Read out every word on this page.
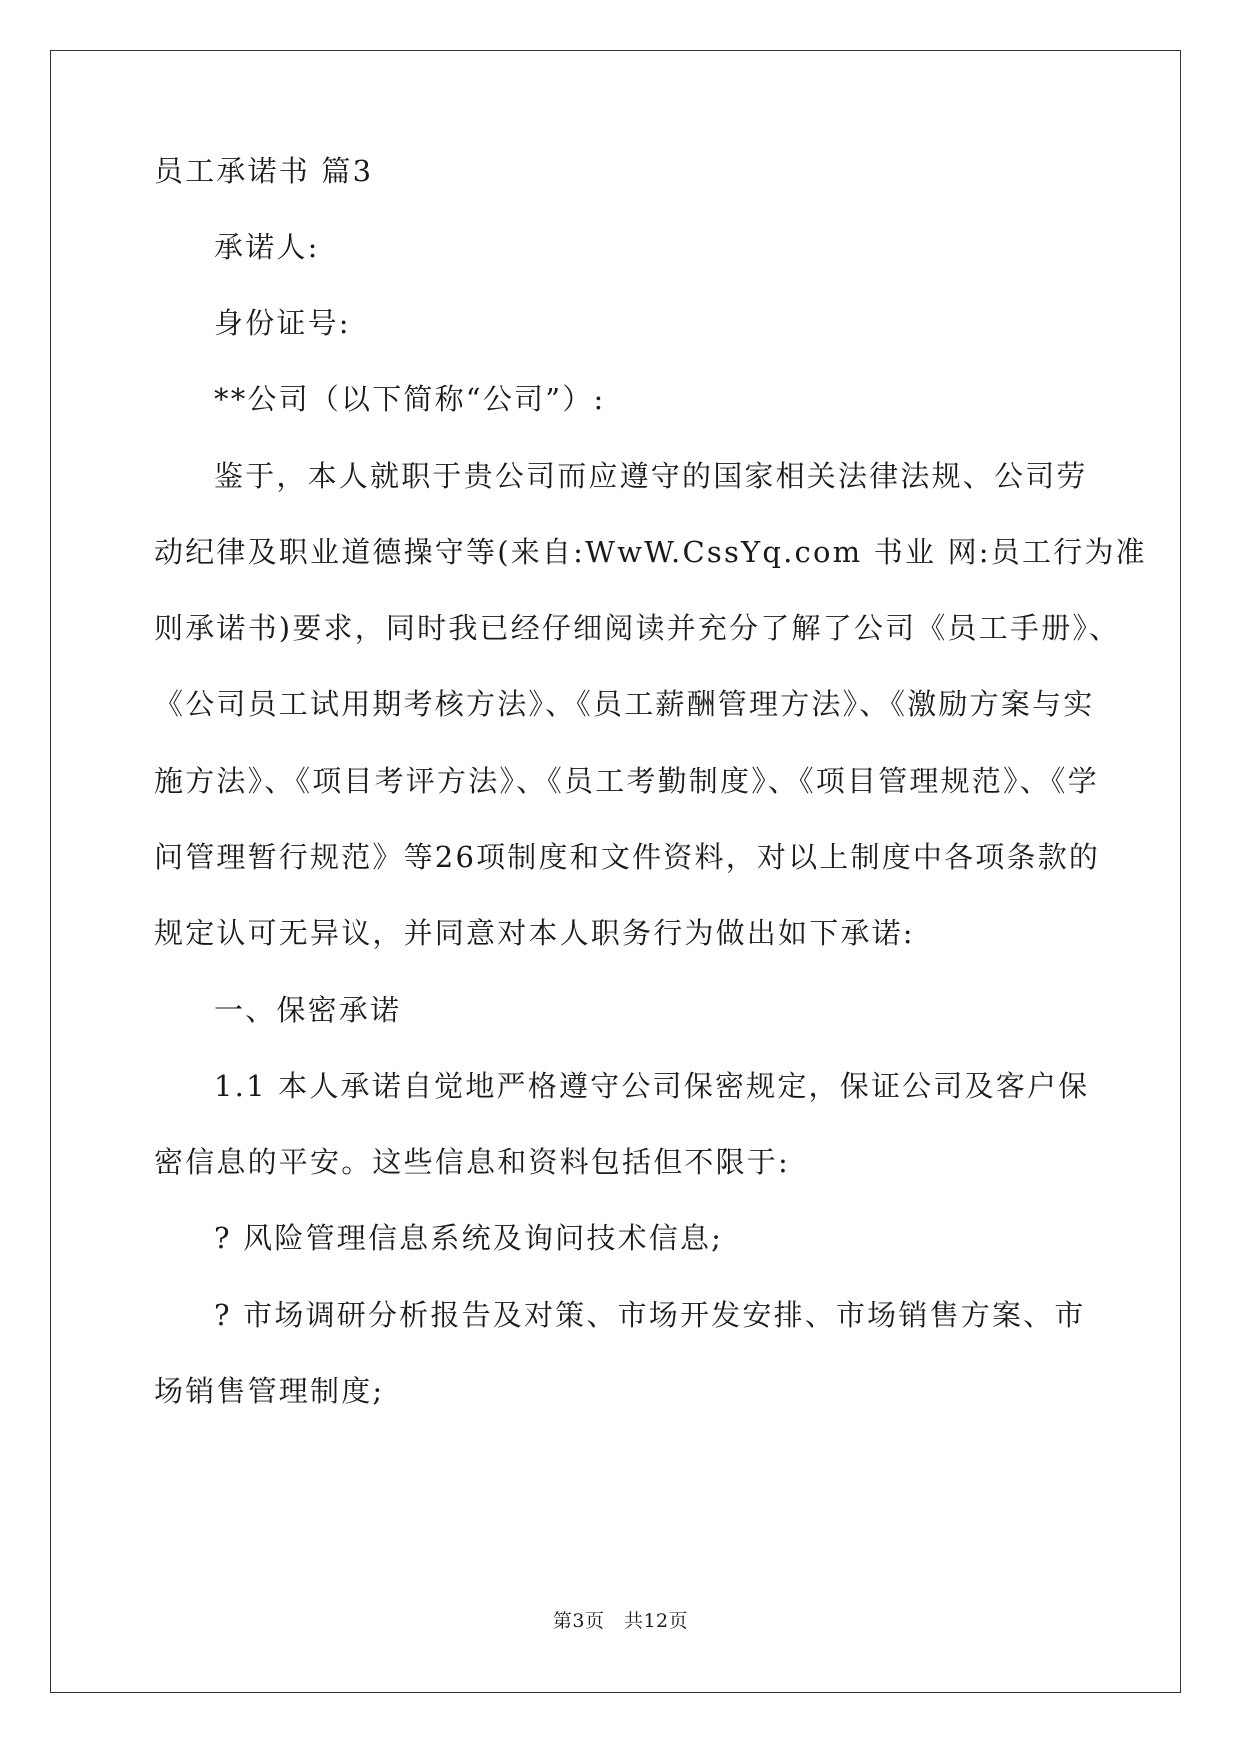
员工承诺书 篇3
承诺人:
身份证号:
**公司（以下简称“公司”）:
鉴于，本人就职于贵公司而应遵守的国家相关法律法规、公司劳
动纪律及职业道德操守等(来自:WwW.CssYq.com 书业 网:员工行为准
则承诺书)要求，同时我已经仔细阅读并充分了解了公司《员工手册》、
《公司员工试用期考核方法》、《员工薪酬管理方法》、《激励方案与实
施方法》、《项目考评方法》、《员工考勤制度》、《项目管理规范》、《学
问管理暂行规范》等26项制度和文件资料，对以上制度中各项条款的
规定认可无异议，并同意对本人职务行为做出如下承诺:
一、保密承诺
1.1 本人承诺自觉地严格遵守公司保密规定，保证公司及客户保
密信息的平安。这些信息和资料包括但不限于:
? 风险管理信息系统及询问技术信息;
? 市场调研分析报告及对策、市场开发安排、市场销售方案、市
场销售管理制度;
第3页　共12页
